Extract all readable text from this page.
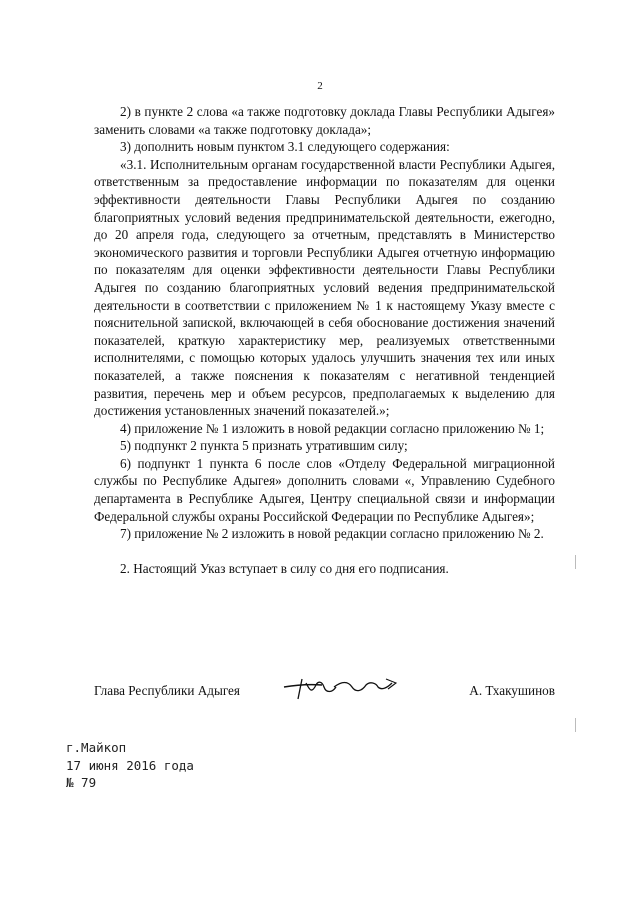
2

2) в пункте 2 слова «а также подготовку доклада Главы Республики Адыгея» заменить словами «а также подготовку доклада»;

3) дополнить новым пунктом 3.1 следующего содержания:

«3.1. Исполнительным органам государственной власти Республики Адыгея, ответственным за предоставление информации по показателям для оценки эффективности деятельности Главы Республики Адыгея по созданию благоприятных условий ведения предпринимательской деятельности, ежегодно, до 20 апреля года, следующего за отчетным, представлять в Министерство экономического развития и торговли Республики Адыгея отчетную информацию по показателям для оценки эффективности деятельности Главы Республики Адыгея по созданию благоприятных условий ведения предпринимательской деятельности в соответствии с приложением № 1 к настоящему Указу вместе с пояснительной запиской, включающей в себя обоснование достижения значений показателей, краткую характеристику мер, реализуемых ответственными исполнителями, с помощью которых удалось улучшить значения тех или иных показателей, а также пояснения к показателям с негативной тенденцией развития, перечень мер и объем ресурсов, предполагаемых к выделению для достижения установленных значений показателей.»;

4) приложение № 1 изложить в новой редакции согласно приложению № 1;

5) подпункт 2 пункта 5 признать утратившим силу;

6) подпункт 1 пункта 6 после слов «Отделу Федеральной миграционной службы по Республике Адыгея» дополнить словами «, Управлению Судебного департамента в Республике Адыгея, Центру специальной связи и информации Федеральной службы охраны Российской Федерации по Республике Адыгея»;

7) приложение № 2 изложить в новой редакции согласно приложению № 2.

2. Настоящий Указ вступает в силу со дня его подписания.

Глава Республики Адыгея	А. Тхакушинов
г.Майкоп
17 июня 2016 года
№ 79
